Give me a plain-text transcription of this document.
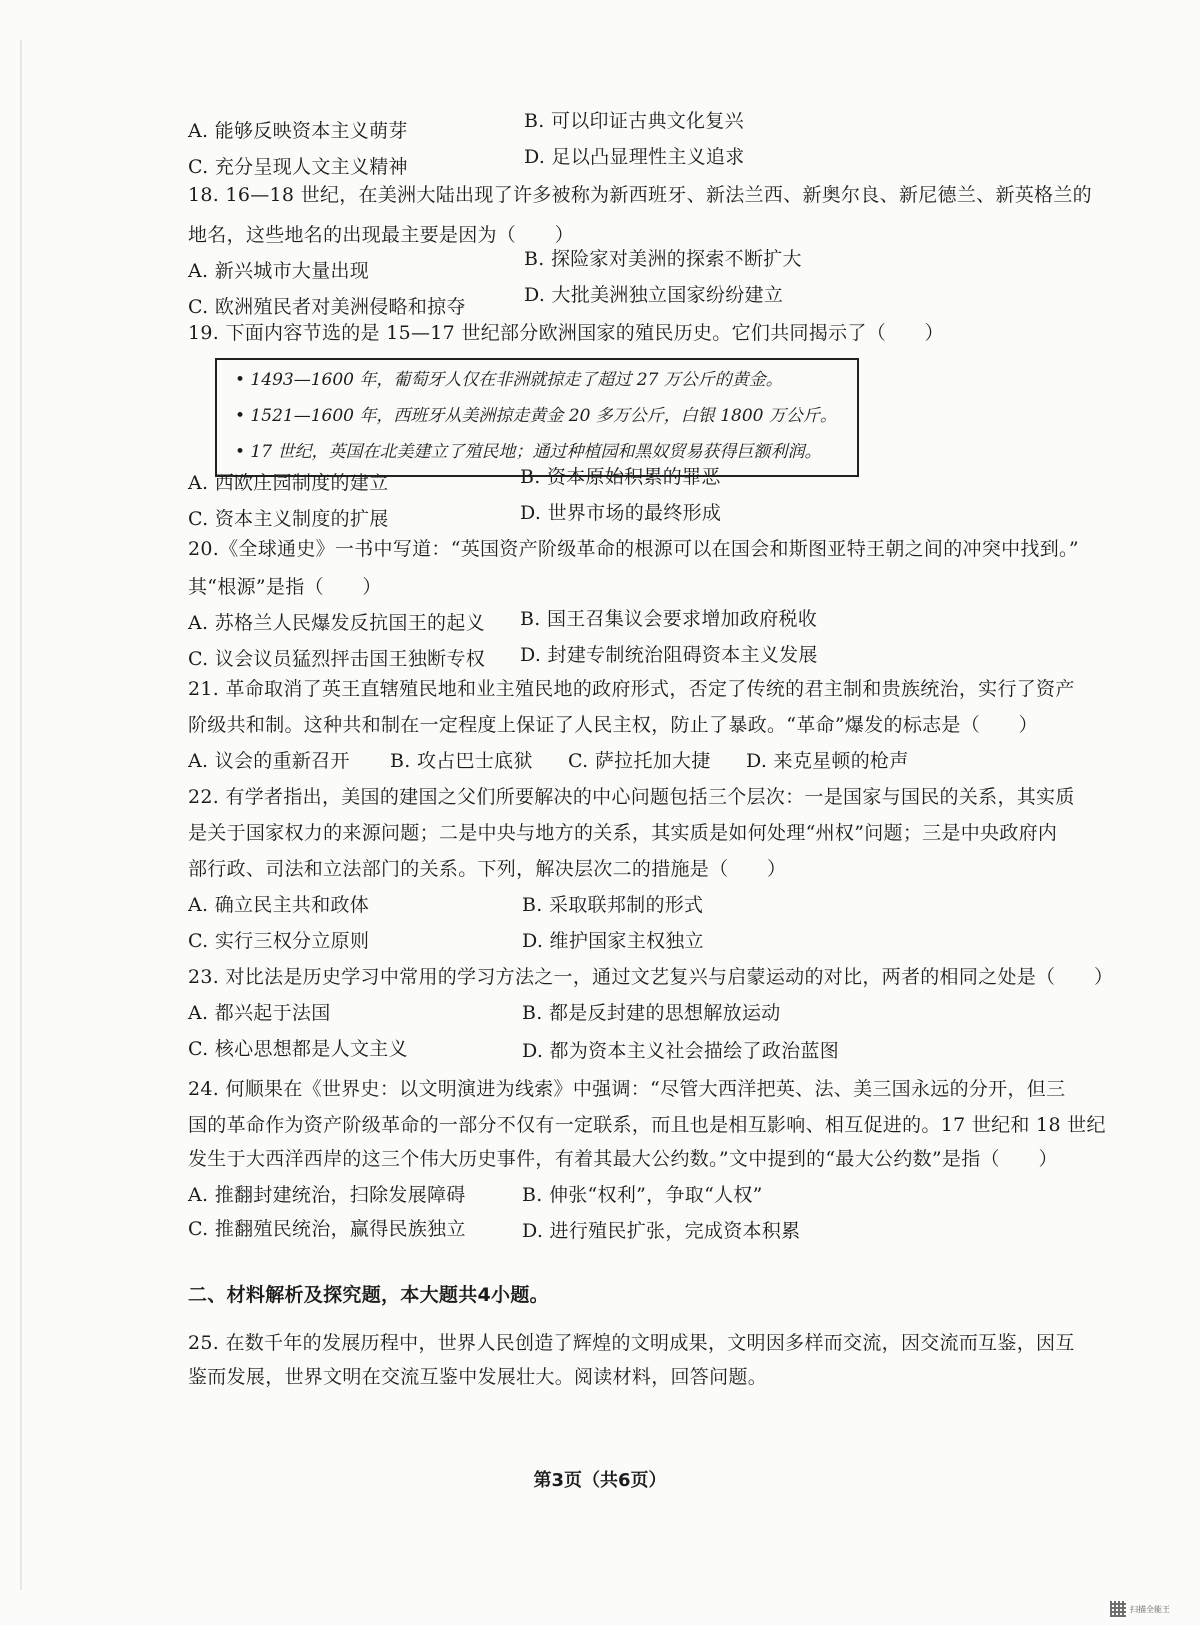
A. 能够反映资本主义萌芽	B. 可以印证古典文化复兴
C. 充分呈现人文主义精神	D. 足以凸显理性主义追求
18. 16—18 世纪，在美洲大陆出现了许多被称为新西班牙、新法兰西、新奥尔良、新尼德兰、新英格兰的
地名，这些地名的出现最主要是因为（　　）
A. 新兴城市大量出现
B. 探险家对美洲的探索不断扩大
C. 欧洲殖民者对美洲侵略和掠夺
D. 大批美洲独立国家纷纷建立
19. 下面内容节选的是 15—17 世纪部分欧洲国家的殖民历史。它们共同揭示了（　　）
• 1493—1600 年，葡萄牙人仅在非洲就掠走了超过 27 万公斤的黄金。
• 1521—1600 年，西班牙从美洲掠走黄金 20 多万公斤，白银 1800 万公斤。
• 17 世纪，英国在北美建立了殖民地；通过种植园和黑奴贸易获得巨额利润。
A. 西欧庄园制度的建立	B. 资本原始积累的罪恶
C. 资本主义制度的扩展	D. 世界市场的最终形成
20.《全球通史》一书中写道：“英国资产阶级革命的根源可以在国会和斯图亚特王朝之间的冲突中找到。”
其“根源”是指（　　）
A. 苏格兰人民爆发反抗国王的起义 B. 国王召集议会要求增加政府税收
C. 议会议员猛烈抨击国王独断专权 D. 封建专制统治阻碍资本主义发展
21. 革命取消了英王直辖殖民地和业主殖民地的政府形式，否定了传统的君主制和贵族统治，实行了资产
阶级共和制。这种共和制在一定程度上保证了人民主权，防止了暴政。“革命”爆发的标志是（　　）
A. 议会的重新召开 B. 攻占巴士底狱 C. 萨拉托加大捷 D. 来克星顿的枪声
22. 有学者指出，美国的建国之父们所要解决的中心问题包括三个层次：一是国家与国民的关系，其实质
是关于国家权力的来源问题；二是中央与地方的关系，其实质是如何处理“州权”问题；三是中央政府内
部行政、司法和立法部门的关系。下列，解决层次二的措施是（　　）
A. 确立民主共和政体	B. 采取联邦制的形式
C. 实行三权分立原则	D. 维护国家主权独立
23. 对比法是历史学习中常用的学习方法之一，通过文艺复兴与启蒙运动的对比，两者的相同之处是（　　）
A. 都兴起于法国	B. 都是反封建的思想解放运动
C. 核心思想都是人文主义	D. 都为资本主义社会描绘了政治蓝图
24. 何顺果在《世界史：以文明演进为线索》中强调：“尽管大西洋把英、法、美三国永远的分开，但三
国的革命作为资产阶级革命的一部分不仅有一定联系，而且也是相互影响、相互促进的。17 世纪和 18 世纪
发生于大西洋西岸的这三个伟大历史事件，有着其最大公约数。”文中提到的“最大公约数”是指（　　）
A. 推翻封建统治，扫除发展障碍	B. 伸张“权利”，争取“人权”
C. 推翻殖民统治，赢得民族独立	D. 进行殖民扩张，完成资本积累
二、材料解析及探究题，本大题共4小题。
25. 在数千年的发展历程中，世界人民创造了辉煌的文明成果，文明因多样而交流，因交流而互鉴，因互
鉴而发展，世界文明在交流互鉴中发展壮大。阅读材料，回答问题。
第3页（共6页）
扫描全能王
